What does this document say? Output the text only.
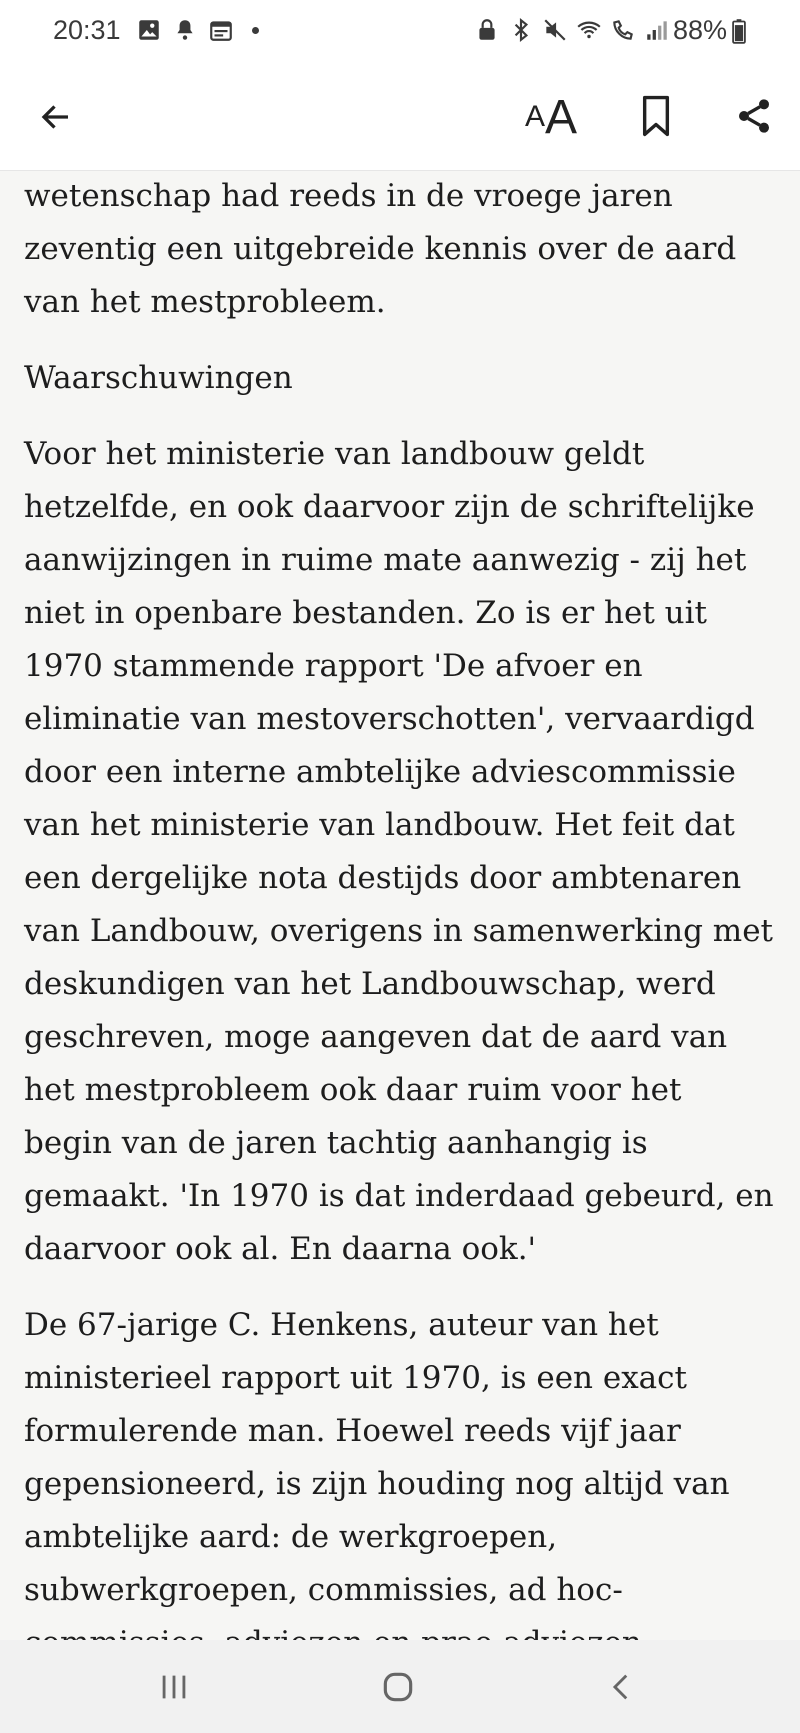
20:31	88%
A A

wetenschap had reeds in de vroege jaren zeventig een uitgebreide kennis over de aard van het mestprobleem.

Waarschuwingen

Voor het ministerie van landbouw geldt hetzelfde, en ook daarvoor zijn de schriftelijke aanwijzingen in ruime mate aanwezig - zij het niet in openbare bestanden. Zo is er het uit 1970 stammende rapport 'De afvoer en eliminatie van mestoverschotten', vervaardigd door een interne ambtelijke adviescommissie van het ministerie van landbouw. Het feit dat een dergelijke nota destijds door ambtenaren van Landbouw, overigens in samenwerking met deskundigen van het Landbouwschap, werd geschreven, moge aangeven dat de aard van het mestprobleem ook daar ruim voor het begin van de jaren tachtig aanhangig is gemaakt. 'In 1970 is dat inderdaad gebeurd, en daarvoor ook al. En daarna ook.'

De 67-jarige C. Henkens, auteur van het ministerieel rapport uit 1970, is een exact formulerende man. Hoewel reeds vijf jaar gepensioneerd, is zijn houding nog altijd van ambtelijke aard: de werkgroepen, subwerkgroepen, commissies, ad hoc-
